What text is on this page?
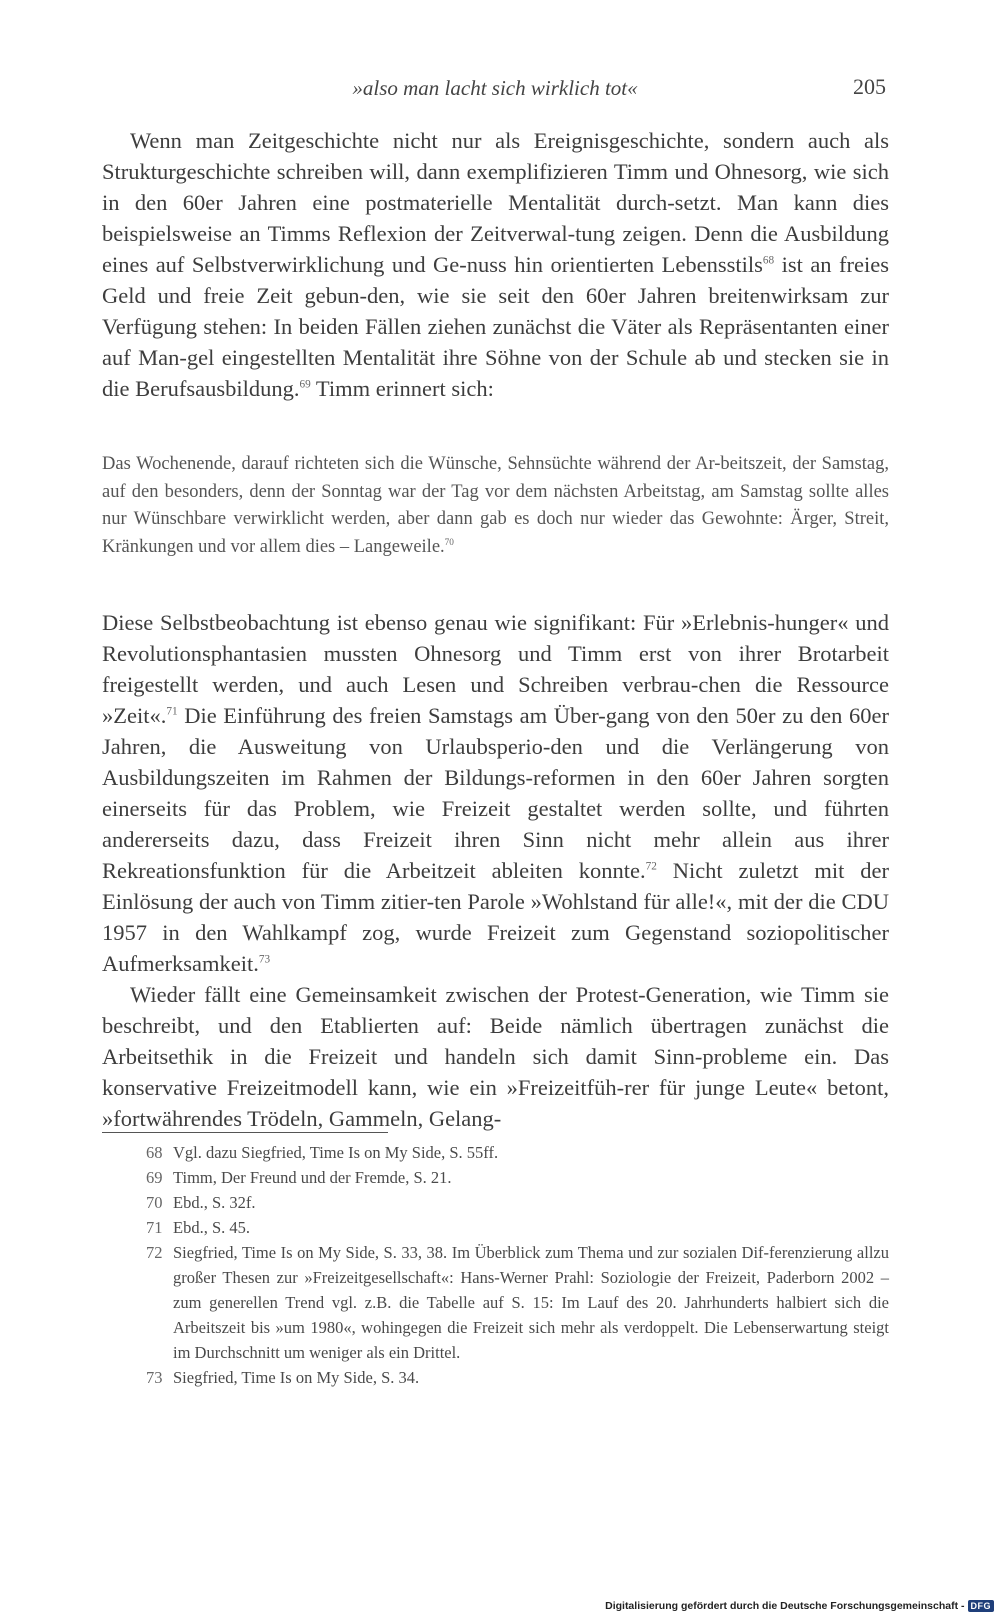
»also man lacht sich wirklich tot«	205

Wenn man Zeitgeschichte nicht nur als Ereignisgeschichte, sondern auch als Strukturgeschichte schreiben will, dann exemplifizieren Timm und Ohnesorg, wie sich in den 60er Jahren eine postmaterielle Mentalität durch-setzt. Man kann dies beispielsweise an Timms Reflexion der Zeitverwal-tung zeigen. Denn die Ausbildung eines auf Selbstverwirklichung und Ge-nuss hin orientierten Lebensstils$^{68}$ ist an freies Geld und freie Zeit gebun-den, wie sie seit den 60er Jahren breitenwirksam zur Verfügung stehen: In beiden Fällen ziehen zunächst die Väter als Repräsentanten einer auf Man-gel eingestellten Mentalität ihre Söhne von der Schule ab und stecken sie in die Berufsausbildung.$^{69}$ Timm erinnert sich:

Das Wochenende, darauf richteten sich die Wünsche, Sehnsüchte während der Ar-beitszeit, der Samstag, auf den besonders, denn der Sonntag war der Tag vor dem nächsten Arbeitstag, am Samstag sollte alles nur Wünschbare verwirklicht werden, aber dann gab es doch nur wieder das Gewohnte: Ärger, Streit, Kränkungen und vor allem dies – Langeweile.$^{70}$

Diese Selbstbeobachtung ist ebenso genau wie signifikant: Für »Erlebnis-hunger« und Revolutionsphantasien mussten Ohnesorg und Timm erst von ihrer Brotarbeit freigestellt werden, und auch Lesen und Schreiben verbrau-chen die Ressource »Zeit«.$^{71}$ Die Einführung des freien Samstags am Über-gang von den 50er zu den 60er Jahren, die Ausweitung von Urlaubsperio-den und die Verlängerung von Ausbildungszeiten im Rahmen der Bildungs-reformen in den 60er Jahren sorgten einerseits für das Problem, wie Freizeit gestaltet werden sollte, und führten andererseits dazu, dass Freizeit ihren Sinn nicht mehr allein aus ihrer Rekreationsfunktion für die Arbeitzeit ableiten konnte.$^{72}$ Nicht zuletzt mit der Einlösung der auch von Timm zitier-ten Parole »Wohlstand für alle!«, mit der die CDU 1957 in den Wahlkampf zog, wurde Freizeit zum Gegenstand soziopolitischer Aufmerksamkeit.$^{73}$

Wieder fällt eine Gemeinsamkeit zwischen der Protest-Generation, wie Timm sie beschreibt, und den Etablierten auf: Beide nämlich übertragen zunächst die Arbeitsethik in die Freizeit und handeln sich damit Sinn-probleme ein. Das konservative Freizeitmodell kann, wie ein »Freizeitfüh-rer für junge Leute« betont, »fortwährendes Trödeln, Gammeln, Gelang-

68 Vgl. dazu Siegfried, Time Is on My Side, S. 55ff.

69 Timm, Der Freund und der Fremde, S. 21.

70 Ebd., S. 32f.

71 Ebd., S. 45.

72 Siegfried, Time Is on My Side, S. 33, 38. Im Überblick zum Thema und zur sozialen Dif-ferenzierung allzu großer Thesen zur »Freizeitgesellschaft«: Hans-Werner Prahl: Soziologie der Freizeit, Paderborn 2002 – zum generellen Trend vgl. z.B. die Tabelle auf S. 15: Im Lauf des 20. Jahrhunderts halbiert sich die Arbeitszeit bis »um 1980«, wohingegen die Freizeit sich mehr als verdoppelt. Die Lebenserwartung steigt im Durchschnitt um weniger als ein Drittel.

73 Siegfried, Time Is on My Side, S. 34.

Digitalisierung gefördert durch die Deutsche Forschungsgemeinschaft - DFG
